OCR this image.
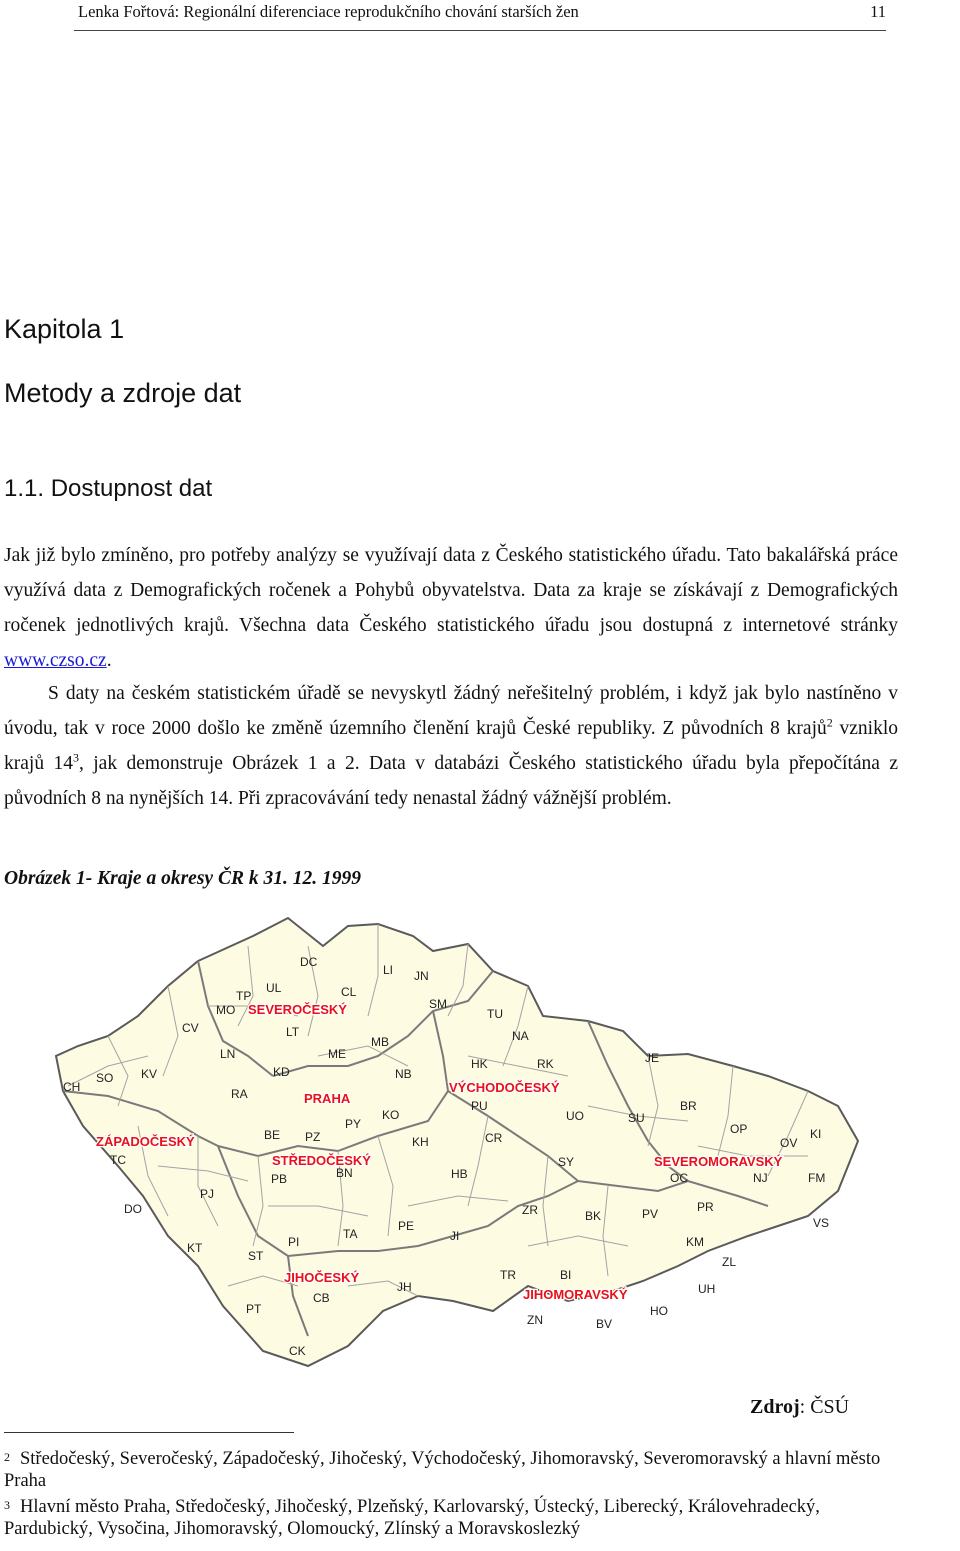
Lenka Fořtová: Regionální diferenciace reprodukčního chování starších žen	11
Kapitola 1
Metody a zdroje dat
1.1. Dostupnost dat
Jak již bylo zmíněno, pro potřeby analýzy se využívají data z Českého statistického úřadu. Tato bakalářská práce využívá data z Demografických ročenek a Pohybů obyvatelstva. Data za kraje se získávají z Demografických ročenek jednotlivých krajů. Všechna data Českého statistického úřadu jsou dostupná z internetové stránky www.czso.cz.
S daty na českém statistickém úřadě se nevyskytl žádný neřešitelný problém, i když jak bylo nastíněno v úvodu, tak v roce 2000 došlo ke změně územního členění krajů České republiky. Z původních 8 krajů$^2$ vzniklo krajů $14^3$, jak demonstruje Obrázek 1 a 2. Data v databázi Českého statistického úřadu byla přepočítána z původních 8 na nynějších 14. Při zpracovávání tedy nenastal žádný vážnější problém.
Obrázek 1- Kraje a okresy ČR k 31. 12. 1999
DC
LI JN
UL
TP
MO
CL
SM
TU
CV	LT
MB	NA
ME
LN	JE
HK	RK
SO KV	KD	NB
CH	RA
PU	BR
KO	UO	SU
PY
BE PZ	KH	CR
OP
OV
KI
TC
BN
SY
OC	NJ
PB	HB	FM
PJ
DO	ZR	PR
BK	PV
VS
PE
JI
KT	PI
TA
KM
ST	ZL
TR	BI
UH
JH
PT
CB
HO
ZN	BV
CK
SEVEROČESKÝ
ZÁPADOČESKÝ
PRAHA
STŘEDOČESKÝ
VÝCHODOČESKÝ
SEVEROMORAVSKÝ
JIHOČESKÝ
JIHOMORAVSKÝ
Zdroj: ČSÚ
$^2$ Středočeský, Severočeský, Západočeský, Jihočeský, Východočeský, Jihomoravský, Severomoravský a hlavní město Praha
$^3$ Hlavní město Praha, Středočeský, Jihočeský, Plzeňský, Karlovarský, Ústecký, Liberecký, Královehradecký, Pardubický, Vysočina, Jihomoravský, Olomoucký, Zlínský a Moravskoslezký
